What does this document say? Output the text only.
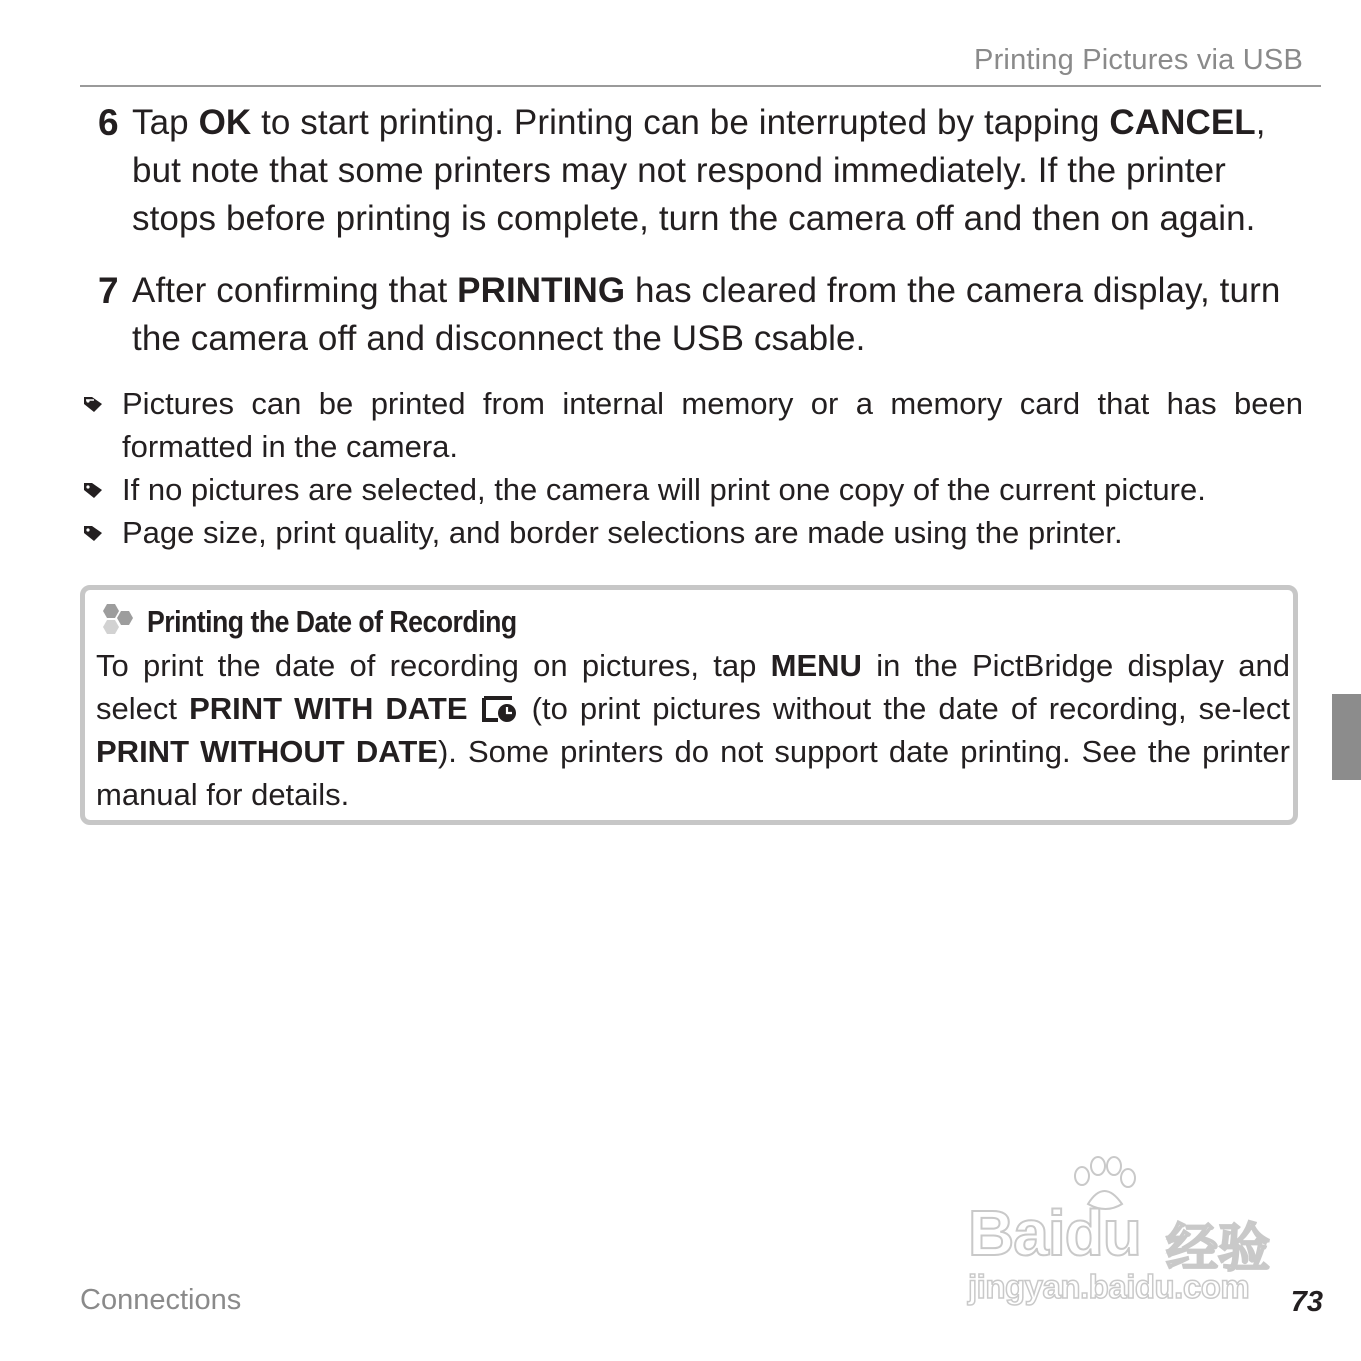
Printing Pictures via USB
6 Tap OK to start printing. Printing can be interrupted by tapping CANCEL, but note that some printers may not respond immediately. If the printer stops before printing is complete, turn the camera off and then on again.
7 After confirming that PRINTING has cleared from the camera display, turn the camera off and disconnect the USB csable.
Pictures can be printed from internal memory or a memory card that has been formatted in the camera.
If no pictures are selected, the camera will print one copy of the current picture.
Page size, print quality, and border selections are made using the printer.
Printing the Date of Recording
To print the date of recording on pictures, tap MENU in the PictBridge display and select PRINT WITH DATE  (to print pictures without the date of recording, se-lect PRINT WITHOUT DATE). Some printers do not support date printing. See the printer manual for details.
Baidu 经验
jingyan.baidu.com
Connections	73
